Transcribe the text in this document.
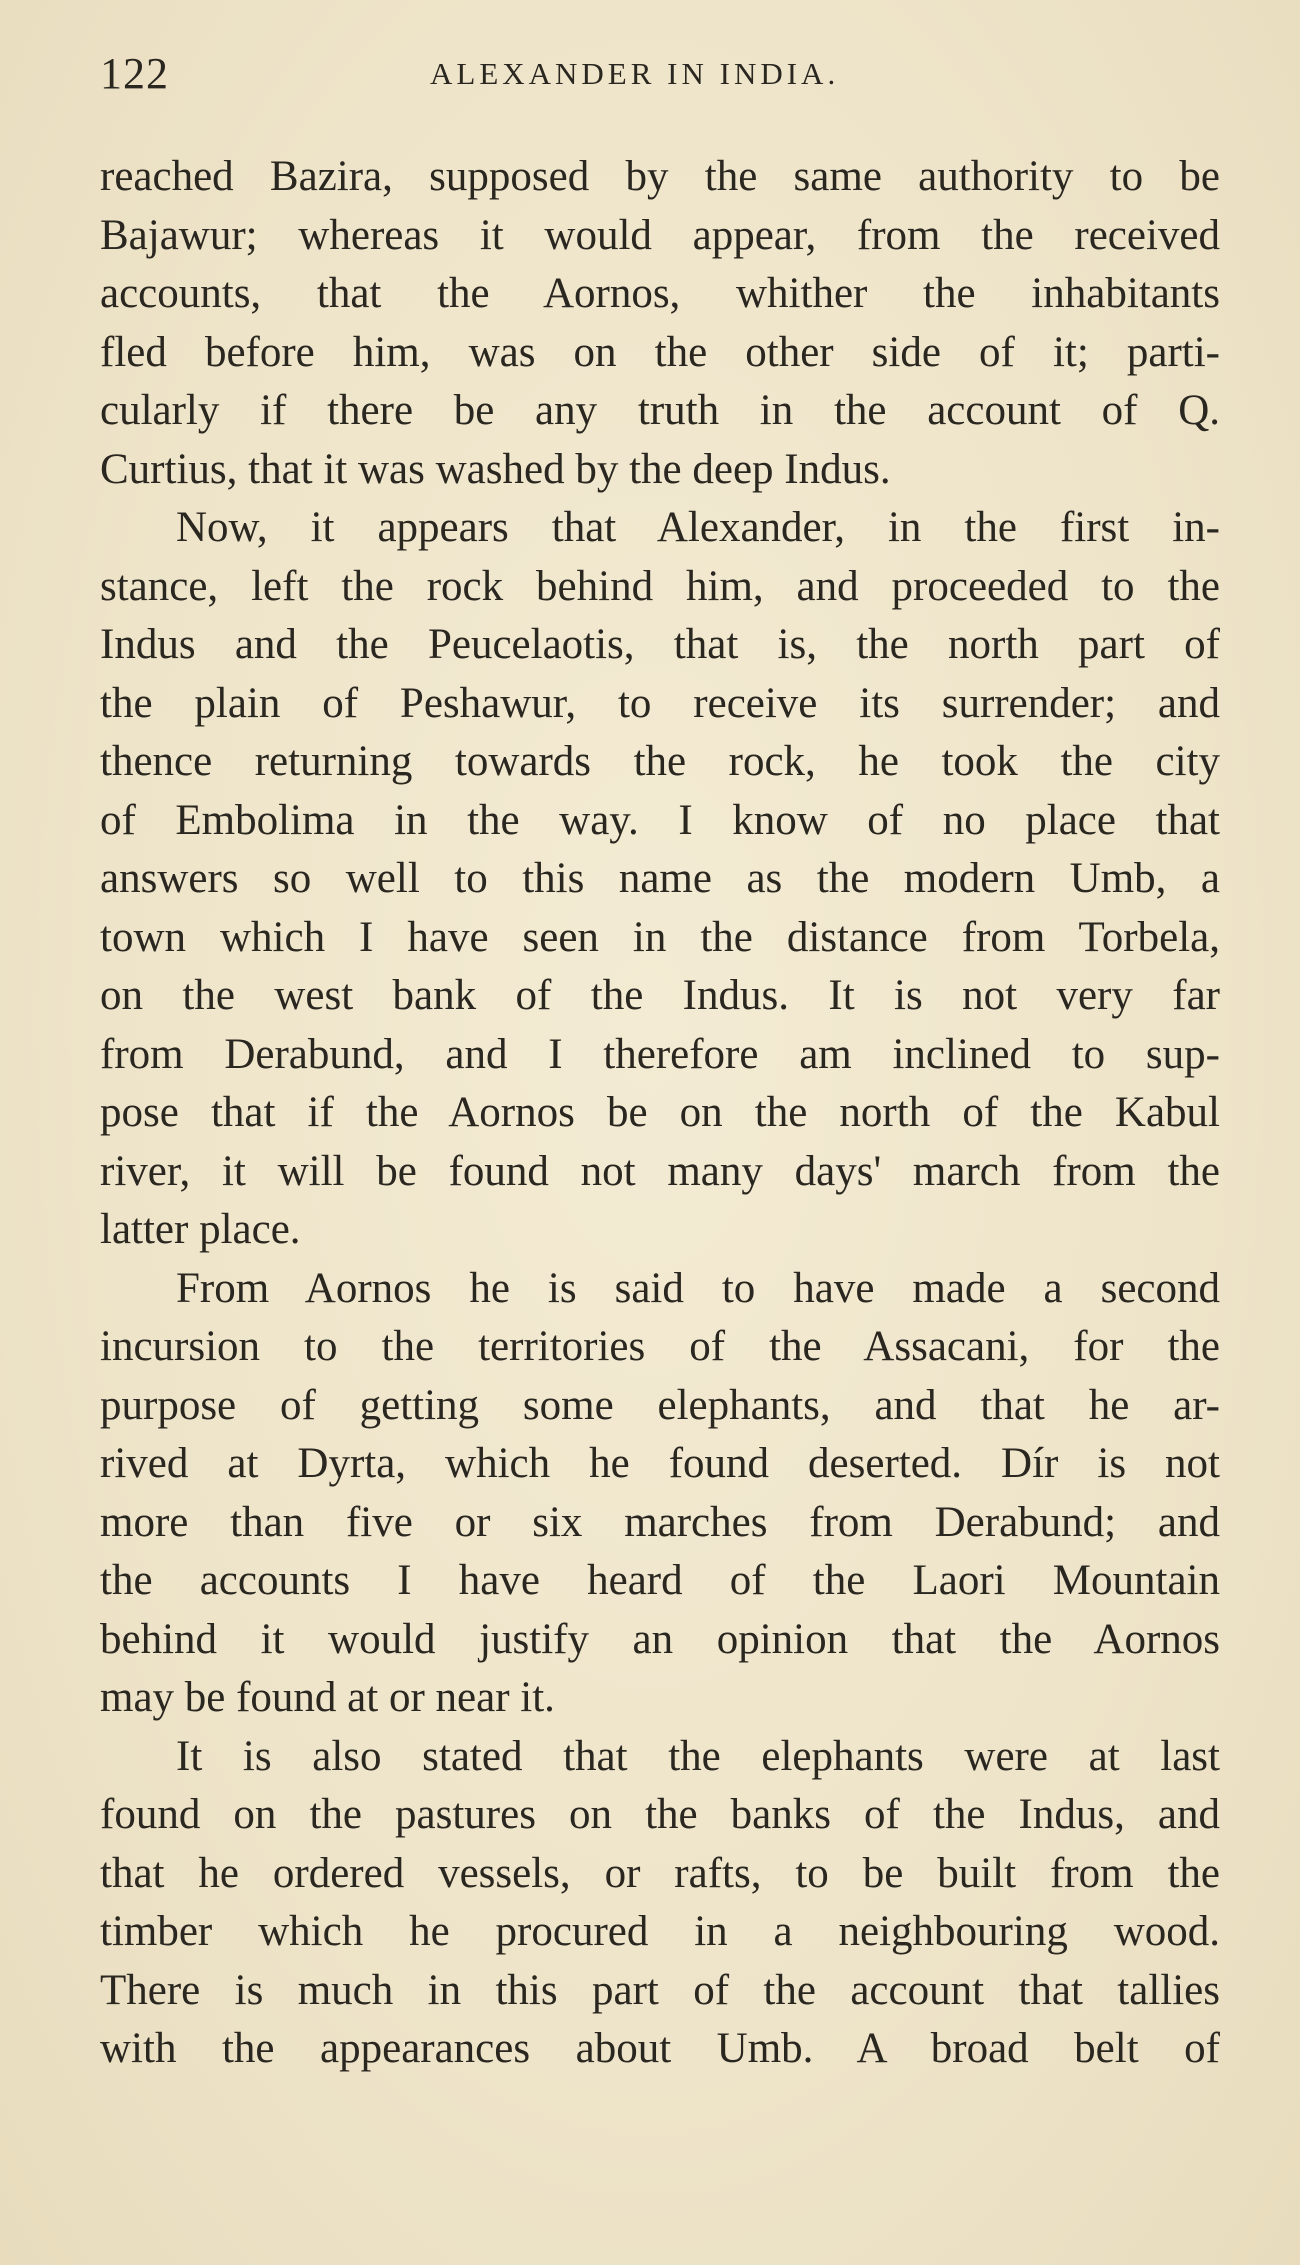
122	ALEXANDER IN INDIA.
reached Bazira, supposed by the same authority to be
Bajawur; whereas it would appear, from the received
accounts, that the Aornos, whither the inhabitants
fled before him, was on the other side of it; parti-
cularly if there be any truth in the account of Q.
Curtius, that it was washed by the deep Indus.
Now, it appears that Alexander, in the first in-
stance, left the rock behind him, and proceeded to the
Indus and the Peucelaotis, that is, the north part of
the plain of Peshawur, to receive its surrender; and
thence returning towards the rock, he took the city
of Embolima in the way. I know of no place that
answers so well to this name as the modern Umb, a
town which I have seen in the distance from Torbela,
on the west bank of the Indus. It is not very far
from Derabund, and I therefore am inclined to sup-
pose that if the Aornos be on the north of the Kabul
river, it will be found not many days' march from the
latter place.
From Aornos he is said to have made a second
incursion to the territories of the Assacani, for the
purpose of getting some elephants, and that he ar-
rived at Dyrta, which he found deserted. Dír is not
more than five or six marches from Derabund; and
the accounts I have heard of the Laori Mountain
behind it would justify an opinion that the Aornos
may be found at or near it.
It is also stated that the elephants were at last
found on the pastures on the banks of the Indus, and
that he ordered vessels, or rafts, to be built from the
timber which he procured in a neighbouring wood.
There is much in this part of the account that tallies
with the appearances about Umb. A broad belt of
